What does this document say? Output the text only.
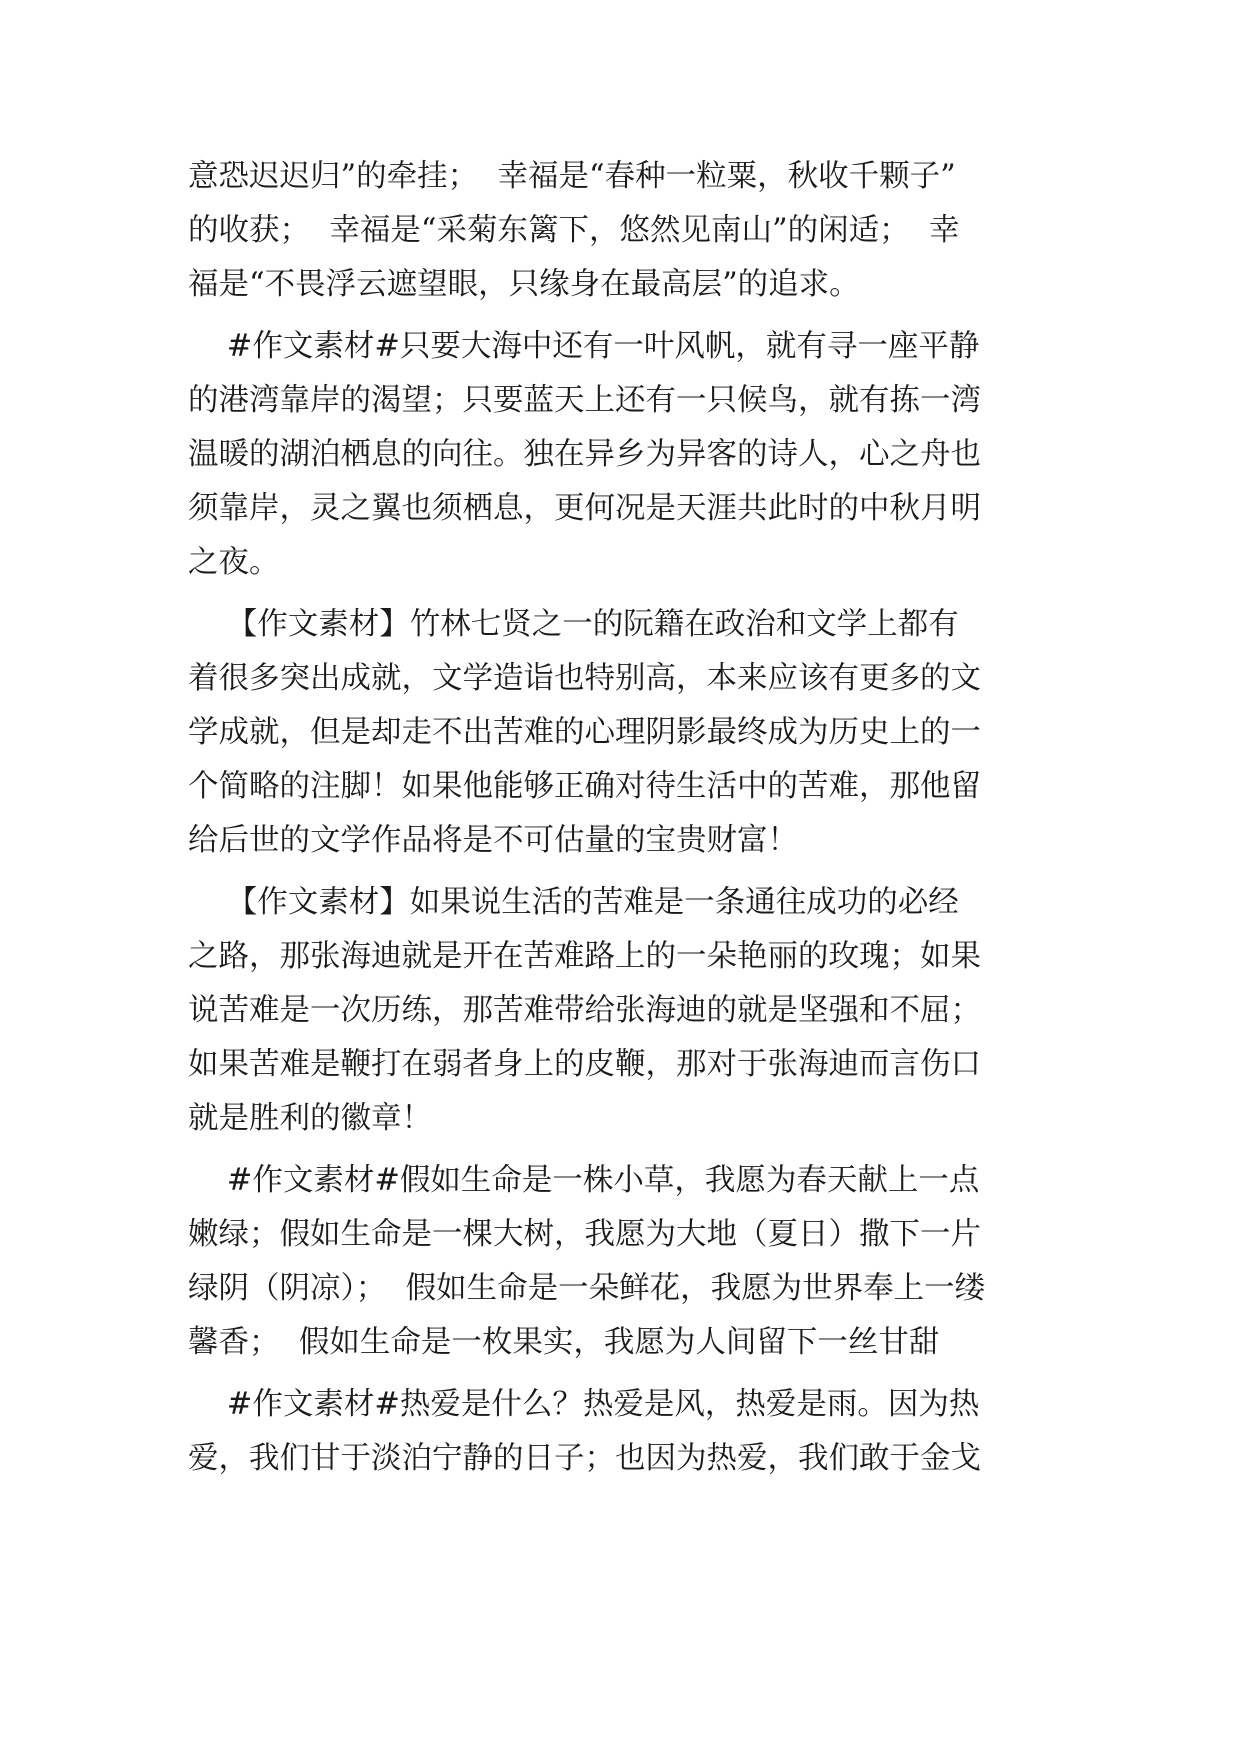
意恐迟迟归”的牵挂；  幸福是“春种一粒粟，秋收千颗子”
的收获；  幸福是“采菊东篱下，悠然见南山”的闲适；  幸
福是“不畏浮云遮望眼，只缘身在最高层”的追求。
#作文素材#只要大海中还有一叶风帆，就有寻一座平静
的港湾靠岸的渴望；只要蓝天上还有一只候鸟，就有拣一湾
温暖的湖泊栖息的向往。独在异乡为异客的诗人，心之舟也
须靠岸，灵之翼也须栖息，更何况是天涯共此时的中秋月明
之夜。
【作文素材】竹林七贤之一的阮籍在政治和文学上都有
着很多突出成就，文学造诣也特别高，本来应该有更多的文
学成就，但是却走不出苦难的心理阴影最终成为历史上的一
个简略的注脚！如果他能够正确对待生活中的苦难，那他留
给后世的文学作品将是不可估量的宝贵财富！
【作文素材】如果说生活的苦难是一条通往成功的必经
之路，那张海迪就是开在苦难路上的一朵艳丽的玫瑰；如果
说苦难是一次历练，那苦难带给张海迪的就是坚强和不屈；
如果苦难是鞭打在弱者身上的皮鞭，那对于张海迪而言伤口
就是胜利的徽章！
#作文素材#假如生命是一株小草，我愿为春天献上一点
嫩绿；假如生命是一棵大树，我愿为大地（夏日）撒下一片
绿阴（阴凉）；  假如生命是一朵鲜花，我愿为世界奉上一缕
馨香；  假如生命是一枚果实，我愿为人间留下一丝甘甜
#作文素材#热爱是什么？热爱是风，热爱是雨。因为热
爱，我们甘于淡泊宁静的日子；也因为热爱，我们敢于金戈
